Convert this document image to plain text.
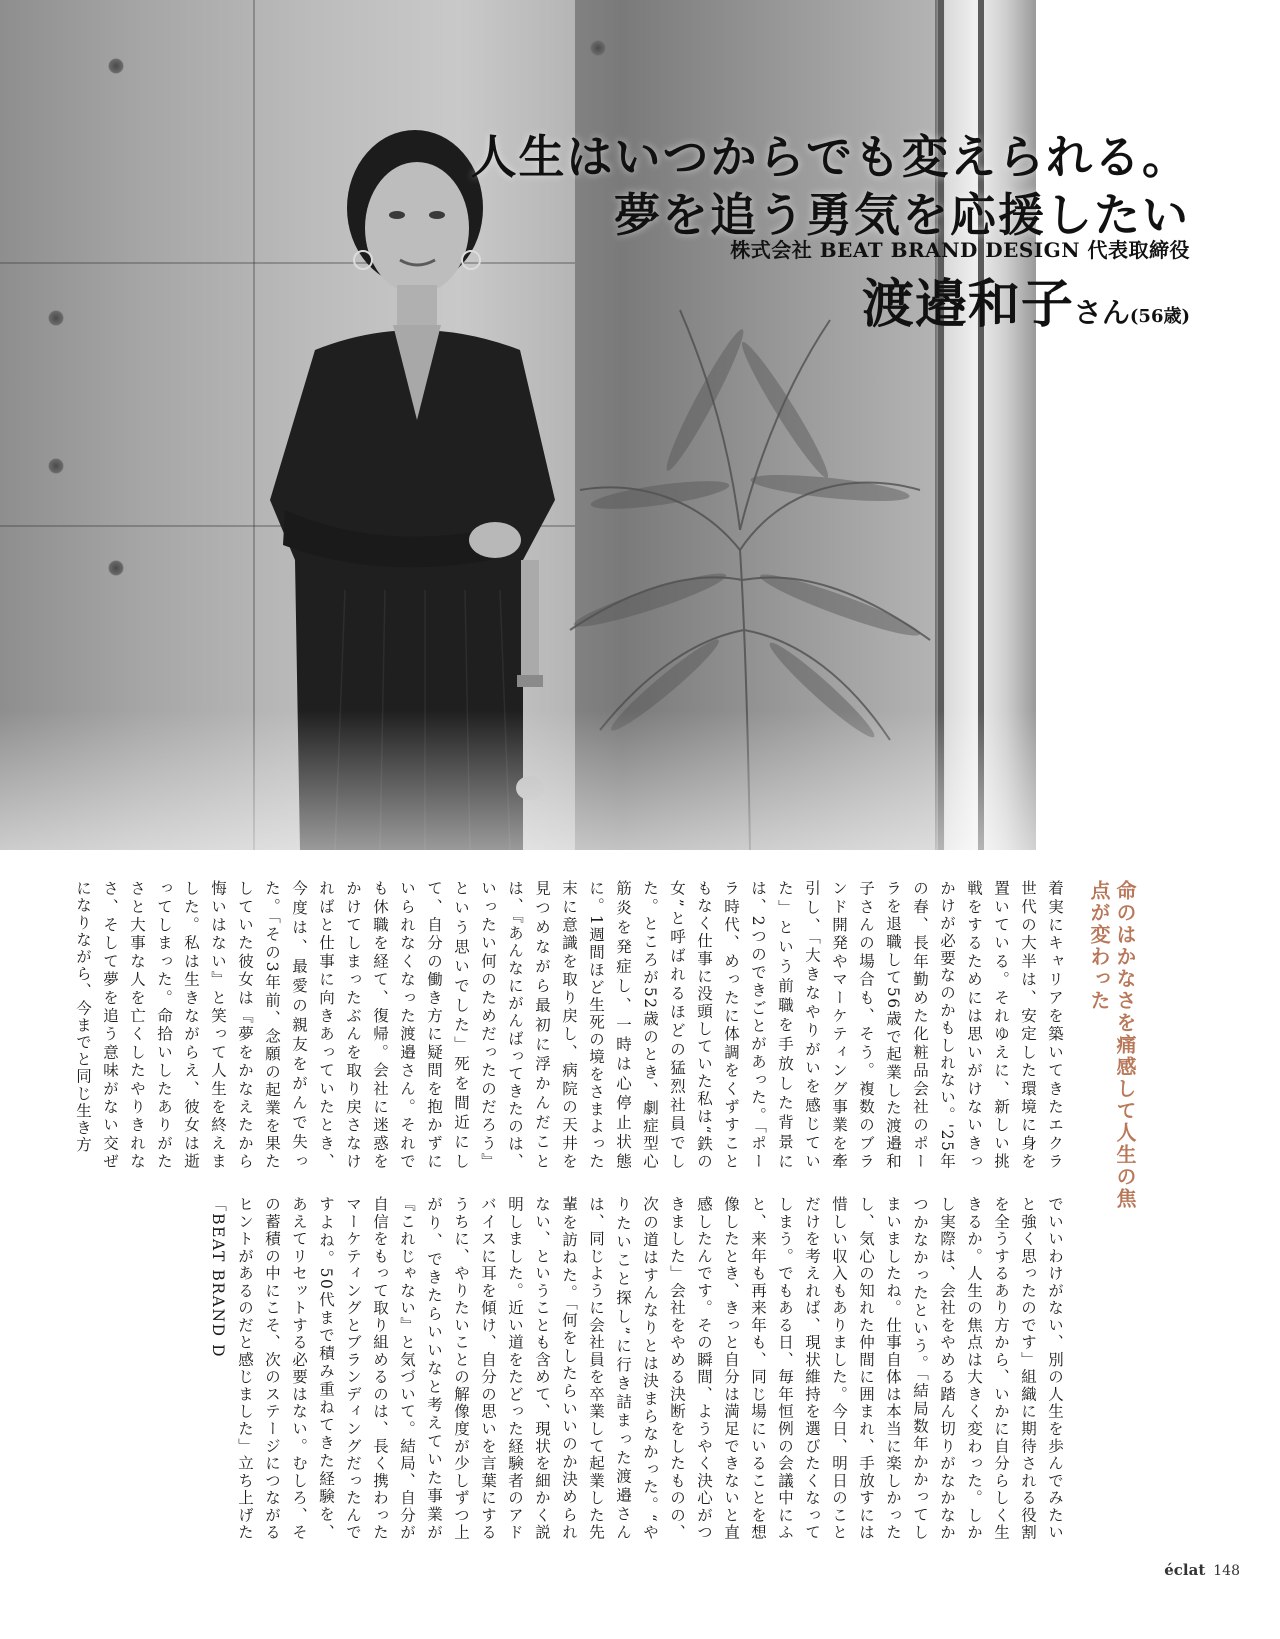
人生はいつからでも変えられる。
夢を追う勇気を応援したい
株式会社 BEAT BRAND DESIGN 代表取締役
渡邉和子さん(56歳)
命のはかなさを痛感して人生の焦点が変わった
着実にキャリアを築いてきたエクラ世代の大半は、安定した環境に身を置いている。それゆえに、新しい挑戦をするためには思いがけないきっかけが必要なのかもしれない。'25年の春、長年勤めた化粧品会社のポーラを退職して56歳で起業した渡邉和子さんの場合も、そう。複数のブランド開発やマーケティング事業を牽引し、「大きなやりがいを感じていた」という前職を手放した背景には、2つのできごとがあった。「ポーラ時代、めったに体調をくずすこともなく仕事に没頭していた私は“鉄の女”と呼ばれるほどの猛烈社員でした。ところが52歳のとき、劇症型心筋炎を発症し、一時は心停止状態に。1週間ほど生死の境をさまよった末に意識を取り戻し、病院の天井を見つめながら最初に浮かんだことは、『あんなにがんばってきたのは、いったい何のためだったのだろう』という思いでした」死を間近にして、自分の働き方に疑問を抱かずにいられなくなった渡邉さん。それでも休職を経て、復帰。会社に迷惑をかけてしまったぶんを取り戻さなければと仕事に向きあっていたとき、今度は、最愛の親友をがんで失った。「その3年前、念願の起業を果たしていた彼女は『夢をかなえたから悔いはない』と笑って人生を終えました。私は生きながらえ、彼女は逝ってしまった。命拾いしたありがたさと大事な人を亡くしたやりきれなさ、そして夢を追う意味がない交ぜになりながら、今までと同じ生き方
でいいわけがない、別の人生を歩んでみたいと強く思ったのです」組織に期待される役割を全うするあり方から、いかに自分らしく生きるか。人生の焦点は大きく変わった。しかし実際は、会社をやめる踏ん切りがなかなかつかなかったという。「結局数年かかってしまいましたね。仕事自体は本当に楽しかったし、気心の知れた仲間に囲まれ、手放すには惜しい収入もありました。今日、明日のことだけを考えれば、現状維持を選びたくなってしまう。でもある日、毎年恒例の会議中にふと、来年も再来年も、同じ場にいることを想像したとき、きっと自分は満足できないと直感したんです。その瞬間、ようやく決心がつきました」会社をやめる決断をしたものの、次の道はすんなりとは決まらなかった。“やりたいこと探し”に行き詰まった渡邉さんは、同じように会社員を卒業して起業した先輩を訪ねた。「何をしたらいいのか決められない、ということも含めて、現状を細かく説明しました。近い道をたどった経験者のアドバイスに耳を傾け、自分の思いを言葉にするうちに、やりたいことの解像度が少しずつ上がり、できたらいいなと考えていた事業が『これじゃない』と気づいて。結局、自分が自信をもって取り組めるのは、長く携わったマーケティングとブランディングだったんですよね。50代まで積み重ねてきた経験を、あえてリセットする必要はない。むしろ、その蓄積の中にこそ、次のステージにつながるヒントがあるのだと感じました」立ち上げた「BEAT BRAND D
éclat 148
